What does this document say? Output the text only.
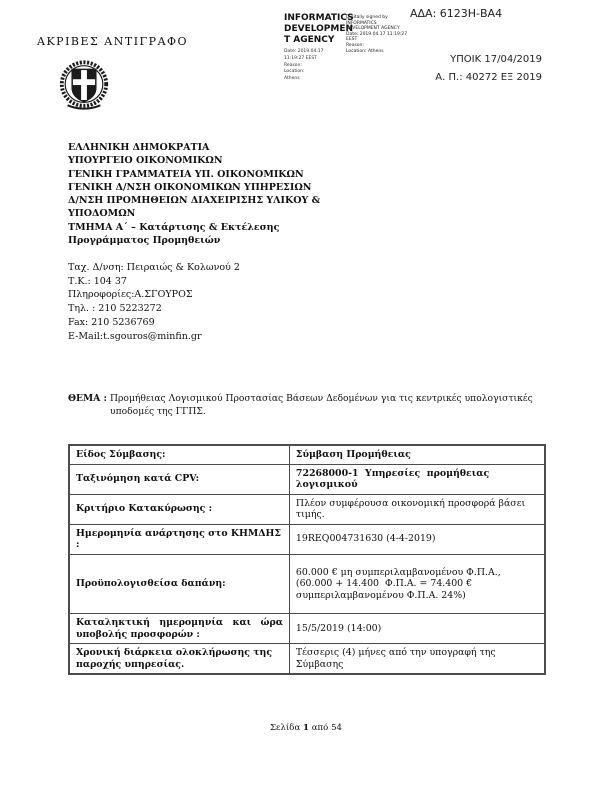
ΑΔΑ: 6123Η-ΒΑ4
INFORMATICS
DEVELOPMEN
T AGENCY
Digitally signed by
INFORMATICS
DEVELOPMENT AGENCY
Date: 2019.04.17 11:19:27
EEST
Reason:
Location: Athens
Date: 2019.04.17
11:19:27 EEST
Reason:
Location:
Athens
ΥΠΟΙΚ 17/04/2019
Α. Π.: 40272 ΕΞ 2019
ΑΚΡΙΒΕΣ ΑΝΤΙΓΡΑΦΟ
ΕΛΛΗΝΙΚΗ ΔΗΜΟΚΡΑΤΙΑ
ΥΠΟΥΡΓΕΙΟ ΟΙΚΟΝΟΜΙΚΩΝ
ΓΕΝΙΚΗ ΓΡΑΜΜΑΤΕΙΑ ΥΠ. ΟΙΚΟΝΟΜΙΚΩΝ
ΓΕΝΙΚΗ Δ/ΝΣΗ ΟΙΚΟΝΟΜΙΚΩΝ ΥΠΗΡΕΣΙΩΝ
Δ/ΝΣΗ ΠΡΟΜΗΘΕΙΩΝ ΔΙΑΧΕΙΡΙΣΗΣ ΥΛΙΚΟΥ &
ΥΠΟΔΟΜΩΝ
ΤΜΗΜΑ Α΄ – Κατάρτισης & Εκτέλεσης
Προγράμματος Προμηθειών
Ταχ. Δ/νση: Πειραιώς & Κολωνού 2
Τ.Κ.: 104 37
Πληροφορίες:Α.ΣΓΟΥΡΟΣ
Τηλ. : 210 5223272
Fax: 210 5236769
E-Mail:t.sgouros@minfin.gr
ΘΕΜΑ : Προμήθειας Λογισμικού Προστασίας Βάσεων Δεδομένων για τις κεντρικές υπολογιστικές υποδομές της ΓΓΠΣ.
Είδος Σύμβασης:	Σύμβαση Προμήθειας
Ταξινόμηση κατά CPV:	72268000-1  Υπηρεσίες  προμήθειας λογισμικού
Κριτήριο Κατακύρωσης :	Πλέον συμφέρουσα οικονομική προσφορά βάσει τιμής.
Ημερομηνία ανάρτησης στο ΚΗΜΔΗΣ :	19REQ004731630 (4-4-2019)
Προϋπολογισθείσα δαπάνη:	60.000 € μη συμπεριλαμβανομένου Φ.Π.Α., (60.000 + 14.400  Φ.Π.Α. = 74.400 € συμπεριλαμβανομένου Φ.Π.Α. 24%)
Καταληκτική ημερομηνία και ώρα υποβολής προσφορών :	15/5/2019 (14:00)
Χρονική διάρκεια ολοκλήρωσης της παροχής υπηρεσίας.	Τέσσερις (4) μήνες από την υπογραφή της Σύμβασης
Σελίδα 1 από 54
